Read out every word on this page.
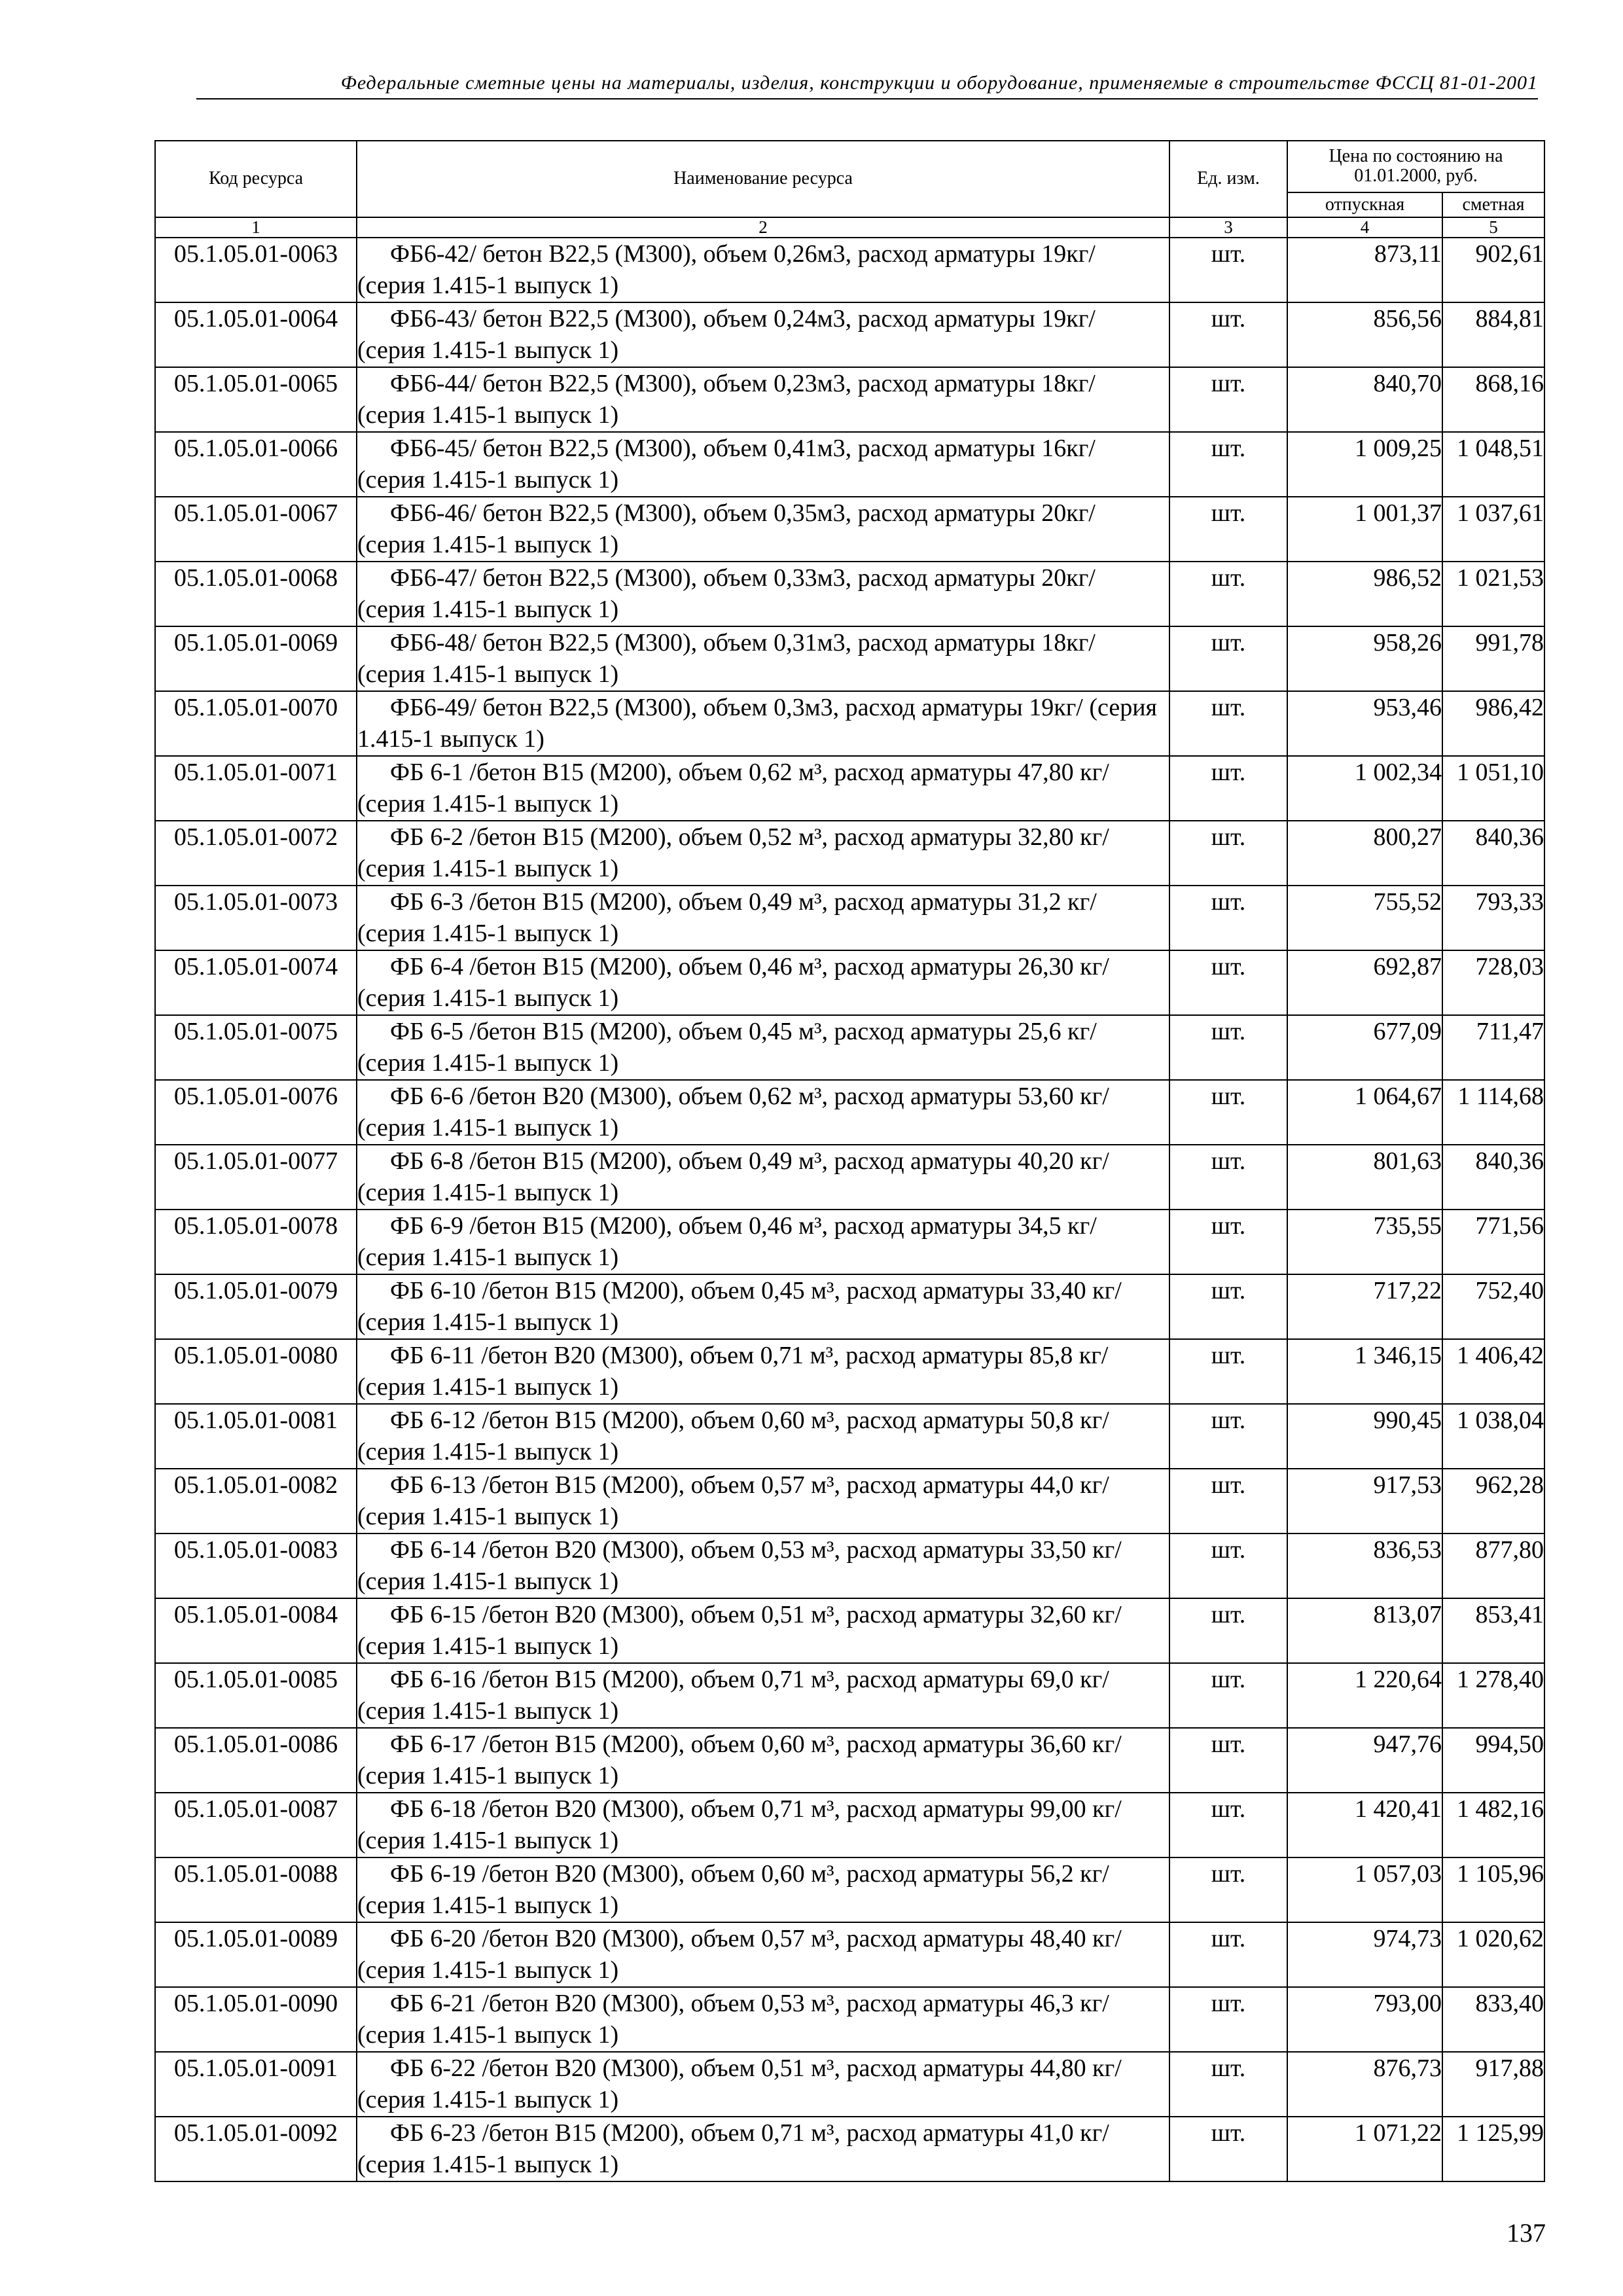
Федеральные сметные цены на материалы, изделия, конструкции и оборудование, применяемые в строительстве ФССЦ 81-01-2001
Код ресурса	Наименование ресурса	Ед. изм.	Цена по состоянию на 01.01.2000, руб.	
			отпускная	сметная
1	2	3	4	5
05.1.05.01-0063	ФБ6-42/ бетон В22,5 (М300), объем 0,26м3, расход арматуры 19кг/ (серия 1.415-1 выпуск 1)	шт.	873,11	902,61
05.1.05.01-0064	ФБ6-43/ бетон В22,5 (М300), объем 0,24м3, расход арматуры 19кг/ (серия 1.415-1 выпуск 1)	шт.	856,56	884,81
05.1.05.01-0065	ФБ6-44/ бетон В22,5 (М300), объем 0,23м3, расход арматуры 18кг/ (серия 1.415-1 выпуск 1)	шт.	840,70	868,16
05.1.05.01-0066	ФБ6-45/ бетон В22,5 (М300), объем 0,41м3, расход арматуры 16кг/ (серия 1.415-1 выпуск 1)	шт.	1 009,25	1 048,51
05.1.05.01-0067	ФБ6-46/ бетон В22,5 (М300), объем 0,35м3, расход арматуры 20кг/ (серия 1.415-1 выпуск 1)	шт.	1 001,37	1 037,61
05.1.05.01-0068	ФБ6-47/ бетон В22,5 (М300), объем 0,33м3, расход арматуры 20кг/ (серия 1.415-1 выпуск 1)	шт.	986,52	1 021,53
05.1.05.01-0069	ФБ6-48/ бетон В22,5 (М300), объем 0,31м3, расход арматуры 18кг/ (серия 1.415-1 выпуск 1)	шт.	958,26	991,78
05.1.05.01-0070	ФБ6-49/ бетон В22,5 (М300), объем 0,3м3, расход арматуры 19кг/ (серия 1.415-1 выпуск 1)	шт.	953,46	986,42
05.1.05.01-0071	ФБ 6-1 /бетон В15 (М200), объем 0,62 м³, расход арматуры 47,80 кг/ (серия 1.415-1 выпуск 1)	шт.	1 002,34	1 051,10
05.1.05.01-0072	ФБ 6-2 /бетон В15 (М200), объем 0,52 м³, расход арматуры 32,80 кг/ (серия 1.415-1 выпуск 1)	шт.	800,27	840,36
05.1.05.01-0073	ФБ 6-3 /бетон В15 (М200), объем 0,49 м³, расход арматуры 31,2 кг/ (серия 1.415-1 выпуск 1)	шт.	755,52	793,33
05.1.05.01-0074	ФБ 6-4 /бетон В15 (М200), объем 0,46 м³, расход арматуры 26,30 кг/ (серия 1.415-1 выпуск 1)	шт.	692,87	728,03
05.1.05.01-0075	ФБ 6-5 /бетон В15 (М200), объем 0,45 м³, расход арматуры 25,6 кг/ (серия 1.415-1 выпуск 1)	шт.	677,09	711,47
05.1.05.01-0076	ФБ 6-6 /бетон В20 (М300), объем 0,62 м³, расход арматуры 53,60 кг/ (серия 1.415-1 выпуск 1)	шт.	1 064,67	1 114,68
05.1.05.01-0077	ФБ 6-8 /бетон В15 (М200), объем 0,49 м³, расход арматуры 40,20 кг/ (серия 1.415-1 выпуск 1)	шт.	801,63	840,36
05.1.05.01-0078	ФБ 6-9 /бетон В15 (М200), объем 0,46 м³, расход арматуры 34,5 кг/ (серия 1.415-1 выпуск 1)	шт.	735,55	771,56
05.1.05.01-0079	ФБ 6-10 /бетон В15 (М200), объем 0,45 м³, расход арматуры 33,40 кг/ (серия 1.415-1 выпуск 1)	шт.	717,22	752,40
05.1.05.01-0080	ФБ 6-11 /бетон В20 (М300), объем 0,71 м³, расход арматуры 85,8 кг/ (серия 1.415-1 выпуск 1)	шт.	1 346,15	1 406,42
05.1.05.01-0081	ФБ 6-12 /бетон В15 (М200), объем 0,60 м³, расход арматуры 50,8 кг/ (серия 1.415-1 выпуск 1)	шт.	990,45	1 038,04
05.1.05.01-0082	ФБ 6-13 /бетон В15 (М200), объем 0,57 м³, расход арматуры 44,0 кг/ (серия 1.415-1 выпуск 1)	шт.	917,53	962,28
05.1.05.01-0083	ФБ 6-14 /бетон В20 (М300), объем 0,53 м³, расход арматуры 33,50 кг/ (серия 1.415-1 выпуск 1)	шт.	836,53	877,80
05.1.05.01-0084	ФБ 6-15 /бетон В20 (М300), объем 0,51 м³, расход арматуры 32,60 кг/ (серия 1.415-1 выпуск 1)	шт.	813,07	853,41
05.1.05.01-0085	ФБ 6-16 /бетон В15 (М200), объем 0,71 м³, расход арматуры 69,0 кг/ (серия 1.415-1 выпуск 1)	шт.	1 220,64	1 278,40
05.1.05.01-0086	ФБ 6-17 /бетон В15 (М200), объем 0,60 м³, расход арматуры 36,60 кг/ (серия 1.415-1 выпуск 1)	шт.	947,76	994,50
05.1.05.01-0087	ФБ 6-18 /бетон В20 (М300), объем 0,71 м³, расход арматуры 99,00 кг/ (серия 1.415-1 выпуск 1)	шт.	1 420,41	1 482,16
05.1.05.01-0088	ФБ 6-19 /бетон В20 (М300), объем 0,60 м³, расход арматуры 56,2 кг/ (серия 1.415-1 выпуск 1)	шт.	1 057,03	1 105,96
05.1.05.01-0089	ФБ 6-20 /бетон В20 (М300), объем 0,57 м³, расход арматуры 48,40 кг/ (серия 1.415-1 выпуск 1)	шт.	974,73	1 020,62
05.1.05.01-0090	ФБ 6-21 /бетон В20 (М300), объем 0,53 м³, расход арматуры 46,3 кг/ (серия 1.415-1 выпуск 1)	шт.	793,00	833,40
05.1.05.01-0091	ФБ 6-22 /бетон В20 (М300), объем 0,51 м³, расход арматуры 44,80 кг/ (серия 1.415-1 выпуск 1)	шт.	876,73	917,88
05.1.05.01-0092	ФБ 6-23 /бетон В15 (М200), объем 0,71 м³, расход арматуры 41,0 кг/ (серия 1.415-1 выпуск 1)	шт.	1 071,22	1 125,99
137
